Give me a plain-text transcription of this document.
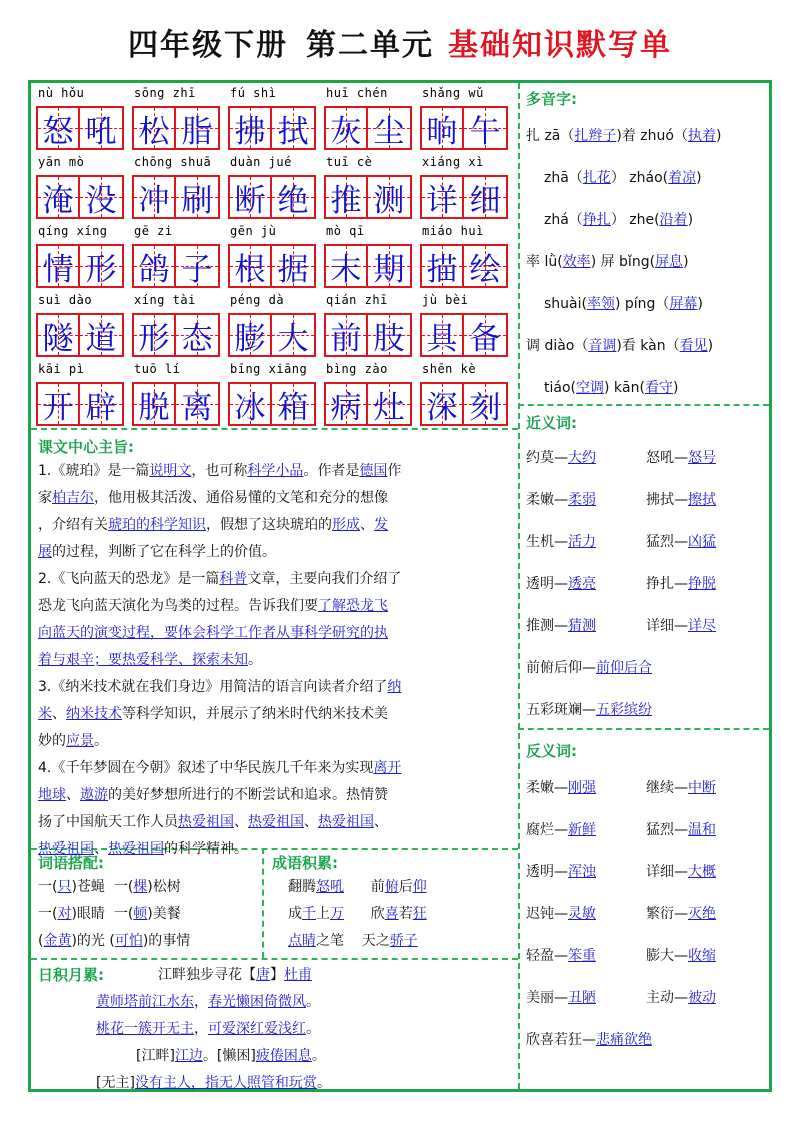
四年级下册 第二单元 基础知识默写单
nù hǒu
怒 吼
sōng zhī
松 脂
fú shì
拂 拭
huī chén
灰 尘
shǎng wǔ
晌 午
yān mò
淹 没
chōng shuā
冲 刷
duàn jué
断 绝
tuī cè
推 测
xiáng xì
详 细
qíng xíng
情 形
gē zi
鸽 子
gēn jù
根 据
mò qī
末 期
miáo huì
描 绘
suì dào
隧 道
xíng tài
形 态
péng dà
膨 大
qián zhī
前 肢
jù bèi
具 备
kāi pì
开 辟
tuō lí
脱 离
bīng xiāng
冰 箱
bìng zào
病 灶
shēn kè
深 刻
多音字:
扎 zā（扎辫子)着 zhuó（执着)
zhā（扎花） zháo(着凉)
zhá（挣扎） zhe(沿着)
率 lǜ(效率) 屏 bǐng(屏息)
shuài(率领) píng（屏幕)
调 diào（音调)看 kàn（看见)
tiáo(空调) kān(看守)
近义词:
约莫—大约	怒吼—怒号
柔嫩—柔弱	拂拭—擦拭
生机—活力	猛烈—凶猛
透明—透亮	挣扎—挣脱
推测—猜测	详细—详尽
前俯后仰—前仰后合
五彩斑斓—五彩缤纷
反义词:
柔嫩—刚强	继续—中断
腐烂—新鲜	猛烈—温和
透明—浑浊	详细—大概
迟钝—灵敏	繁衍—灭绝
轻盈—笨重	膨大—收缩
美丽—丑陋	主动—被动
欣喜若狂—悲痛欲绝
课文中心主旨:
1.《琥珀》是一篇说明文，也可称科学小品。作者是德国作
家柏吉尔，他用极其活泼、通俗易懂的文笔和充分的想像
，介绍有关琥珀的科学知识，假想了这块琥珀的形成、发
展的过程，判断了它在科学上的价值。
2.《飞向蓝天的恐龙》是一篇科普文章，主要向我们介绍了
恐龙飞向蓝天演化为鸟类的过程。告诉我们要了解恐龙飞
向蓝天的演变过程，要体会科学工作者从事科学研究的执
着与艰辛；要热爱科学、探索未知。
3.《纳米技术就在我们身边》用简洁的语言向读者介绍了纳
米、纳米技术等科学知识，并展示了纳米时代纳米技术美
妙的应景。
4.《千年梦圆在今朝》叙述了中华民族几千年来为实现离开
地球、遨游的美好梦想所进行的不断尝试和追求。热情赞
扬了中国航天工作人员热爱祖国、热爱祖国、热爱祖国、
热爱祖国、热爱祖国的科学精神。
词语搭配:
一(只)苍蝇  一(棵)松树
一(对)眼睛  一(顿)美餐
(金黄)的光 (可怕)的事情
成语积累:
翻腾怒吼      前俯后仰
成千上万      欣喜若狂
点睛之笔    天之骄子
日积月累:	江畔独步寻花【唐】杜甫
黄师塔前江水东，春光懒困倚微风。
桃花一簇开无主，可爱深红爱浅红。
[江畔]江边。[懒困]疲倦困息。
[无主]没有主人，指无人照管和玩赏。
